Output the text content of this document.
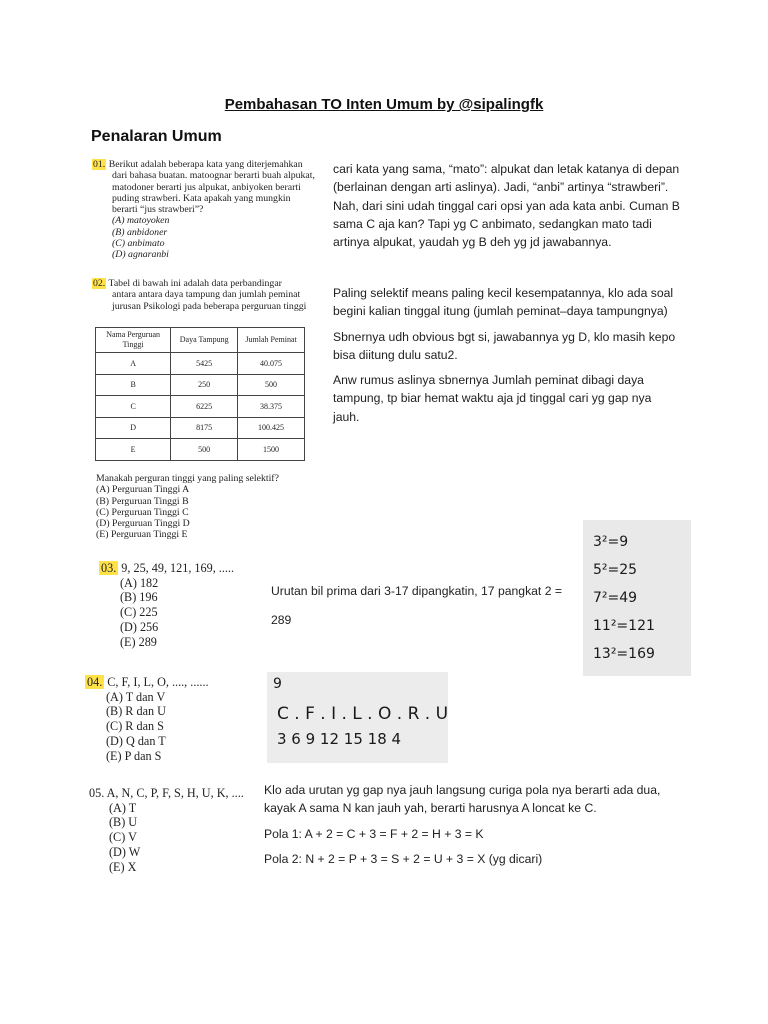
Pembahasan TO Inten Umum by @sipalingfk
Penalaran Umum
01. Berikut adalah beberapa kata yang diterjemahkan
dari bahasa buatan. matoognar berarti buah alpukat,
matodoner berarti jus alpukat, anbiyoken berarti
puding strawberi. Kata apakah yang mungkin
berarti “jus strawberi”?
(A) matoyoken
(B) anbidoner
(C) anbimato
(D) agnaranbi

cari kata yang sama, “mato”: alpukat dan letak katanya di depan (berlainan dengan arti aslinya). Jadi, “anbi” artinya “strawberi”. Nah, dari sini udah tinggal cari opsi yan ada kata anbi. Cuman B sama C aja kan? Tapi yg C anbimato, sedangkan mato tadi artinya alpukat, yaudah yg B deh yg jd jawabannya.

02. Tabel di bawah ini adalah data perbandingar
antara antara daya tampung dan jumlah peminat
jurusan Psikologi pada beberapa perguruan tinggi
Nama Perguruan Tinggi	Daya Tampung	Jumlah Peminat
A	5425	40.075
B	250	500
C	6225	38.375
D	8175	100.425
E	500	1500
Manakah perguran tinggi yang paling selektif?
(A) Perguruan Tinggi A
(B) Perguruan Tinggi B
(C) Perguruan Tinggi C
(D) Perguruan Tinggi D
(E) Perguruan Tinggi E

Paling selektif means paling kecil kesempatannya, klo ada soal begini kalian tinggal itung (jumlah peminat–daya tampungnya)

Sbnernya udh obvious bgt si, jawabannya yg D, klo masih kepo bisa diitung dulu satu2.

Anw rumus aslinya sbnernya Jumlah peminat dibagi daya tampung, tp biar hemat waktu aja jd tinggal cari yg gap nya jauh.

03. 9, 25, 49, 121, 169, .....
(A) 182
(B) 196
(C) 225
(D) 256
(E) 289
Urutan bil prima dari 3-17 dipangkatin, 17 pangkat 2 =
289
3²=9
5²=25
7²=49
11²=121
13²=169
04. C, F, I, L, O, ...., ......
(A) T dan V
(B) R dan U
(C) R dan S
(D) Q dan T
(E) P dan S
9
C . F . I . L . O . R . U
3 6 9 12 15 18 4
05. A, N, C, P, F, S, H, U, K, ....
(A) T
(B) U
(C) V
(D) W
(E) X

Klo ada urutan yg gap nya jauh langsung curiga pola nya berarti ada dua, kayak A sama N kan jauh yah, berarti harusnya A loncat ke C.

Pola 1: A + 2 = C + 3 = F + 2 = H + 3 = K

Pola 2: N + 2 = P + 3 = S + 2 = U + 3 = X (yg dicari)
